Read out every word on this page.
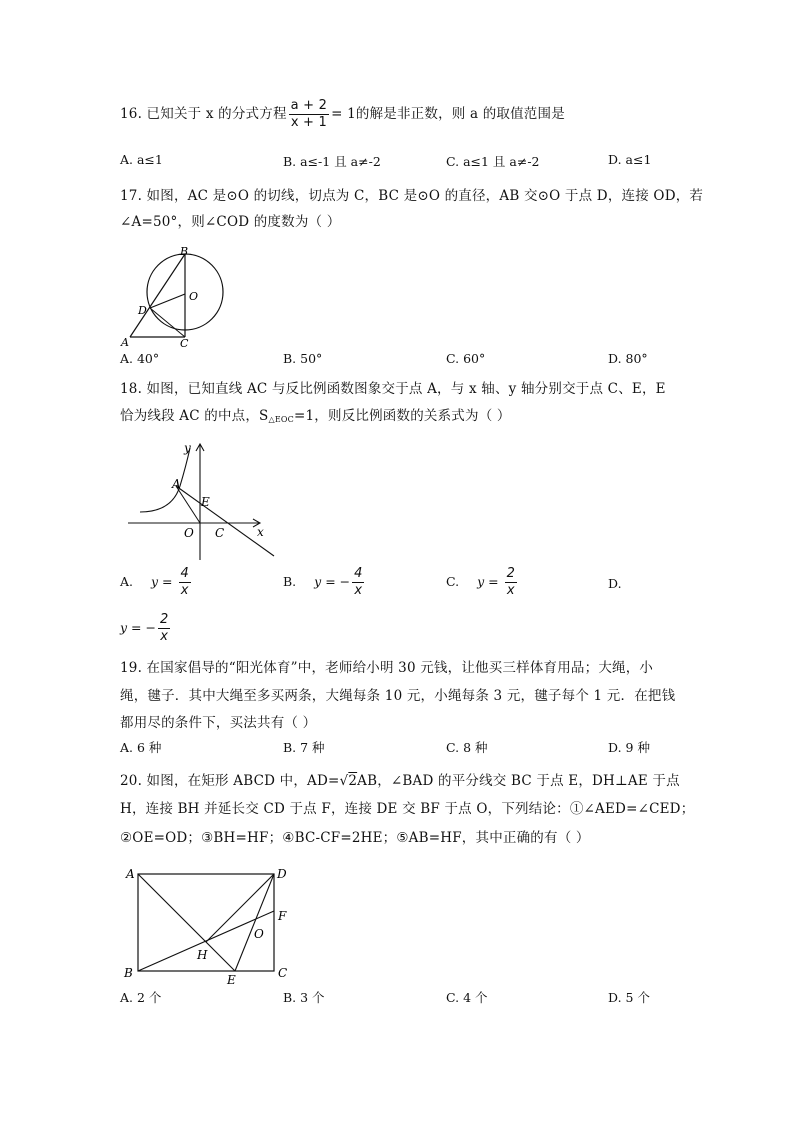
16. 已知关于 x 的分式方程 $\frac{a + 2}{x + 1} = 1$的解是非正数，则 a 的取值范围是
A. a≤1	B. a≤-1 且 a≠-2	C. a≤1 且 a≠-2	D. a≤1
17. 如图，AC 是⊙O 的切线，切点为 C，BC 是⊙O 的直径，AB 交⊙O 于点 D，连接 OD，若
∠A=50°，则∠COD 的度数为（ ）
B
O
D
A	C
A. 40°	B. 50°	C. 60°	D. 80°
18. 如图，已知直线 AC 与反比例函数图象交于点 A，与 x 轴、y 轴分别交于点 C、E，E
恰为线段 AC 的中点，$S_{\triangle EOC}=1$，则反比例函数的关系式为（ ）
y
A
E
O C	x
A. $y = \frac{4}{x}$	B. y = − $\frac{4}{x}$	C. $y = \frac{2}{x}$	D.
y = − $\frac{2}{x}$
19. 在国家倡导的“阳光体育”中，老师给小明 30 元钱，让他买三样体育用品；大绳，小
绳，毽子．其中大绳至多买两条，大绳每条 10 元，小绳每条 3 元，毽子每个 1 元．在把钱
都用尽的条件下，买法共有（ ）
A. 6 种	B. 7 种	C. 8 种	D. 9 种
20. 如图，在矩形 ABCD 中，AD=√2AB，∠BAD 的平分线交 BC 于点 E，DH⊥AE 于点
H，连接 BH 并延长交 CD 于点 F，连接 DE 交 BF 于点 O，下列结论：①∠AED=∠CED；
②OE=OD；③BH=HF；④BC-CF=2HE；⑤AB=HF，其中正确的有（ ）
A	D
F
O
H
B	E	C
A. 2 个	B. 3 个	C. 4 个	D. 5 个
